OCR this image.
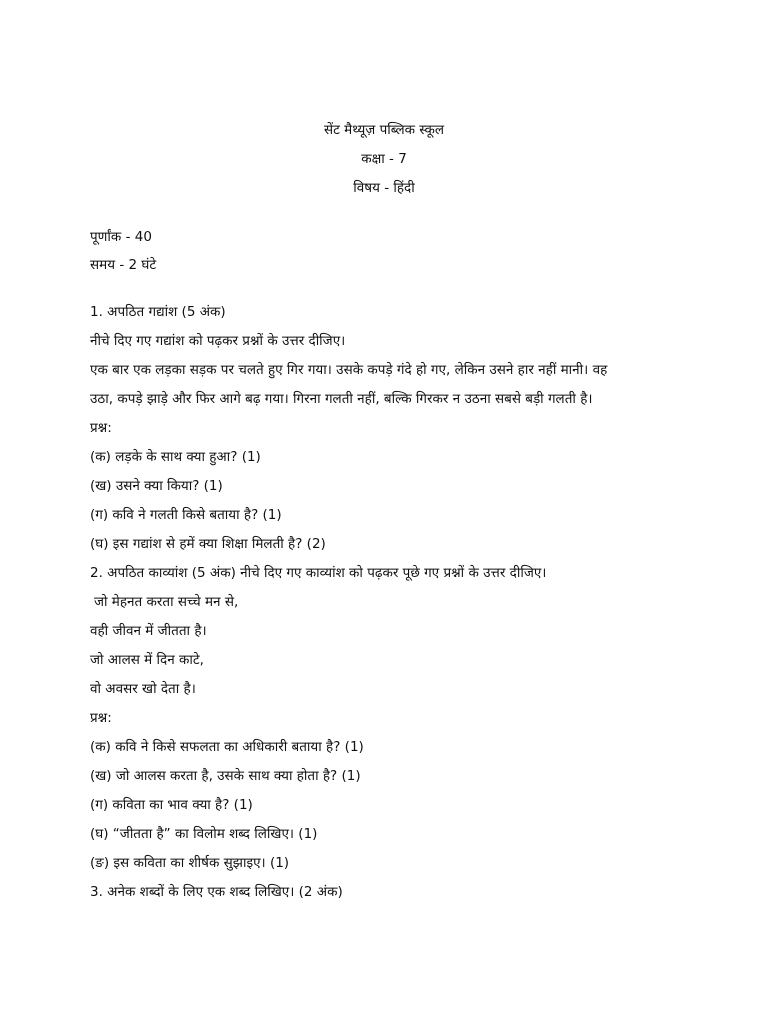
सेंट मैथ्यूज़ पब्लिक स्कूल
कक्षा - 7
विषय - हिंदी
पूर्णांक - 40
समय - 2 घंटे
1. अपठित गद्यांश (5 अंक)
नीचे दिए गए गद्यांश को पढ़कर प्रश्नों के उत्तर दीजिए।
एक बार एक लड़का सड़क पर चलते हुए गिर गया। उसके कपड़े गंदे हो गए, लेकिन उसने हार नहीं मानी। वह
उठा, कपड़े झाड़े और फिर आगे बढ़ गया। गिरना गलती नहीं, बल्कि गिरकर न उठना सबसे बड़ी गलती है।
प्रश्न:
(क) लड़के के साथ क्या हुआ? (1)
(ख) उसने क्या किया? (1)
(ग) कवि ने गलती किसे बताया है? (1)
(घ) इस गद्यांश से हमें क्या शिक्षा मिलती है? (2)
2. अपठित काव्यांश (5 अंक) नीचे दिए गए काव्यांश को पढ़कर पूछे गए प्रश्नों के उत्तर दीजिए।
जो मेहनत करता सच्चे मन से,
वही जीवन में जीतता है।
जो आलस में दिन काटे,
वो अवसर खो देता है।
प्रश्न:
(क) कवि ने किसे सफलता का अधिकारी बताया है? (1)
(ख) जो आलस करता है, उसके साथ क्या होता है? (1)
(ग) कविता का भाव क्या है? (1)
(घ) “जीतता है” का विलोम शब्द लिखिए। (1)
(ङ) इस कविता का शीर्षक सुझाइए। (1)
3. अनेक शब्दों के लिए एक शब्द लिखिए। (2 अंक)
